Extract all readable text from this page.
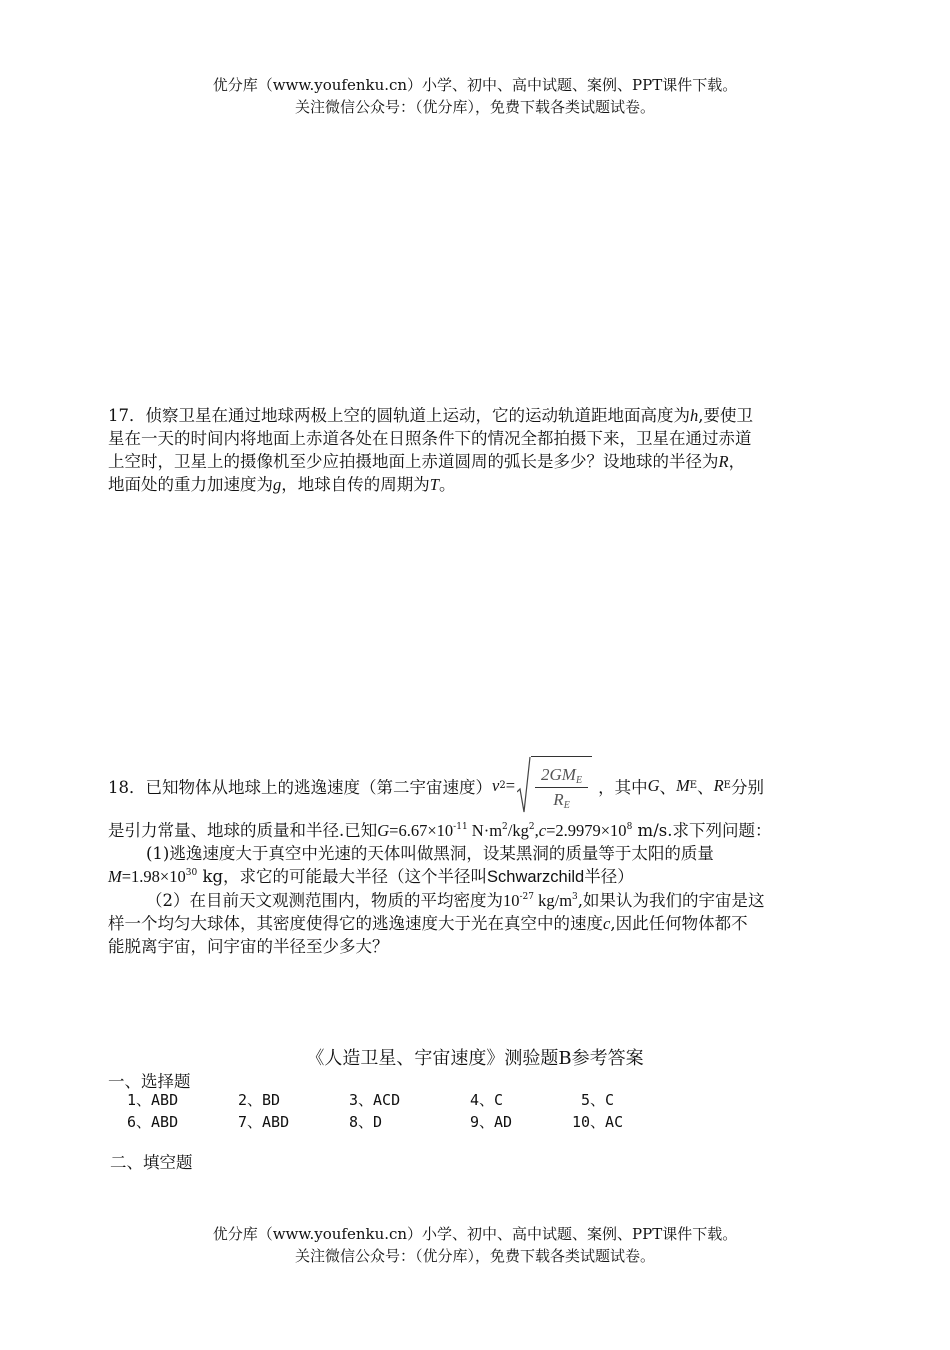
优分库（www.youfenku.cn）小学、初中、高中试题、案例、PPT课件下载。
关注微信公众号：（优分库），免费下载各类试题试卷。
17．侦察卫星在通过地球两极上空的圆轨道上运动，它的运动轨道距地面高度为h,要使卫
星在一天的时间内将地面上赤道各处在日照条件下的情况全都拍摄下来，卫星在通过赤道
上空时，卫星上的摄像机至少应拍摄地面上赤道圆周的弧长是多少？设地球的半径为R，
地面处的重力加速度为g，地球自传的周期为T。
18．已知物体从地球上的逃逸速度（第二宇宙速度） v $2 = \frac{2GM_E}{R_E}$ ，其中 G 、 M E 、 R E 分别
是引力常量、地球的质量和半径.已知$G=6.67\times 10^{-11}$ $N\cdot m^2/kg^2,c=2.9979\times 10^8$ m/s.求下列问题：
(1)逃逸速度大于真空中光速的天体叫做黑洞，设某黑洞的质量等于太阳的质量
$M=1.98\times 10^{30}$ kg，求它的可能最大半径（这个半径叫Schwarzchild半径）
（2）在目前天文观测范围内，物质的平均密度为$10^{-27}$ $kg/m^3$,如果认为我们的宇宙是这
样一个均匀大球体，其密度使得它的逃逸速度大于光在真空中的速度c,因此任何物体都不
能脱离宇宙，问宇宙的半径至少多大？
《人造卫星、宇宙速度》测验题B参考答案
一、选择题
1、ABD	2、BD	3、ACD	4、C	5、C
6、ABD	7、ABD	8、D	9、AD	10、AC
二、填空题
优分库（www.youfenku.cn）小学、初中、高中试题、案例、PPT课件下载。
关注微信公众号：（优分库），免费下载各类试题试卷。
